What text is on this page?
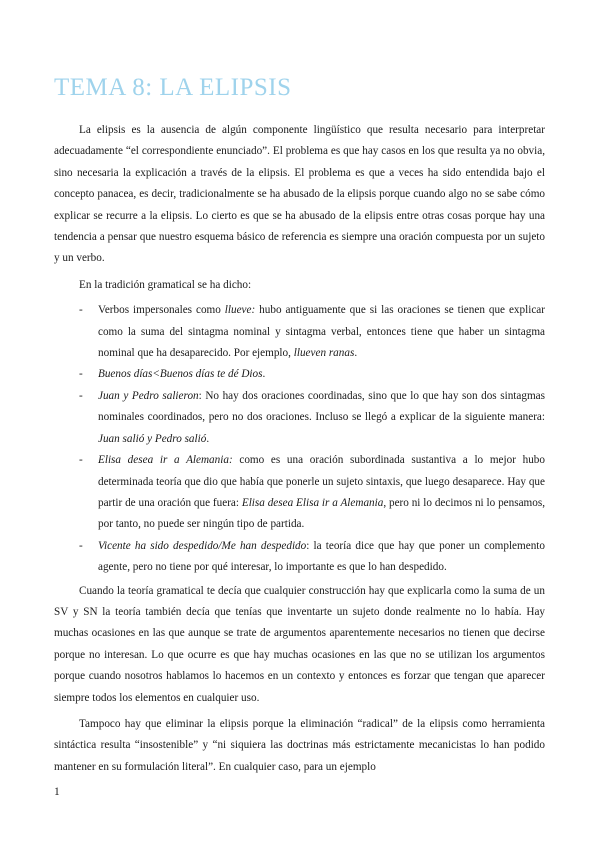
TEMA 8: LA ELIPSIS

La elipsis es la ausencia de algún componente lingüístico que resulta necesario para interpretar adecuadamente “el correspondiente enunciado”. El problema es que hay casos en los que resulta ya no obvia, sino necesaria la explicación a través de la elipsis. El problema es que a veces ha sido entendida bajo el concepto panacea, es decir, tradicionalmente se ha abusado de la elipsis porque cuando algo no se sabe cómo explicar se recurre a la elipsis. Lo cierto es que se ha abusado de la elipsis entre otras cosas porque hay una tendencia a pensar que nuestro esquema básico de referencia es siempre una oración compuesta por un sujeto y un verbo.

En la tradición gramatical se ha dicho:

- Verbos impersonales como llueve: hubo antiguamente que si las oraciones se tienen que explicar como la suma del sintagma nominal y sintagma verbal, entonces tiene que haber un sintagma nominal que ha desaparecido. Por ejemplo, llueven ranas.
- Buenos días<Buenos días te dé Dios.
- Juan y Pedro salieron: No hay dos oraciones coordinadas, sino que lo que hay son dos sintagmas nominales coordinados, pero no dos oraciones. Incluso se llegó a explicar de la siguiente manera: Juan salió y Pedro salió.
- Elisa desea ir a Alemania: como es una oración subordinada sustantiva a lo mejor hubo determinada teoría que dio que había que ponerle un sujeto sintaxis, que luego desaparece. Hay que partir de una oración que fuera: Elisa desea Elisa ir a Alemania, pero ni lo decimos ni lo pensamos, por tanto, no puede ser ningún tipo de partida.
- Vicente ha sido despedido/Me han despedido: la teoría dice que hay que poner un complemento agente, pero no tiene por qué interesar, lo importante es que lo han despedido.

Cuando la teoría gramatical te decía que cualquier construcción hay que explicarla como la suma de un SV y SN la teoría también decía que tenías que inventarte un sujeto donde realmente no lo había. Hay muchas ocasiones en las que aunque se trate de argumentos aparentemente necesarios no tienen que decirse porque no interesan. Lo que ocurre es que hay muchas ocasiones en las que no se utilizan los argumentos porque cuando nosotros hablamos lo hacemos en un contexto y entonces es forzar que tengan que aparecer siempre todos los elementos en cualquier uso.

Tampoco hay que eliminar la elipsis porque la eliminación “radical” de la elipsis como herramienta sintáctica resulta “insostenible” y “ni siquiera las doctrinas más estrictamente mecanicistas lo han podido mantener en su formulación literal”. En cualquier caso, para un ejemplo

1
